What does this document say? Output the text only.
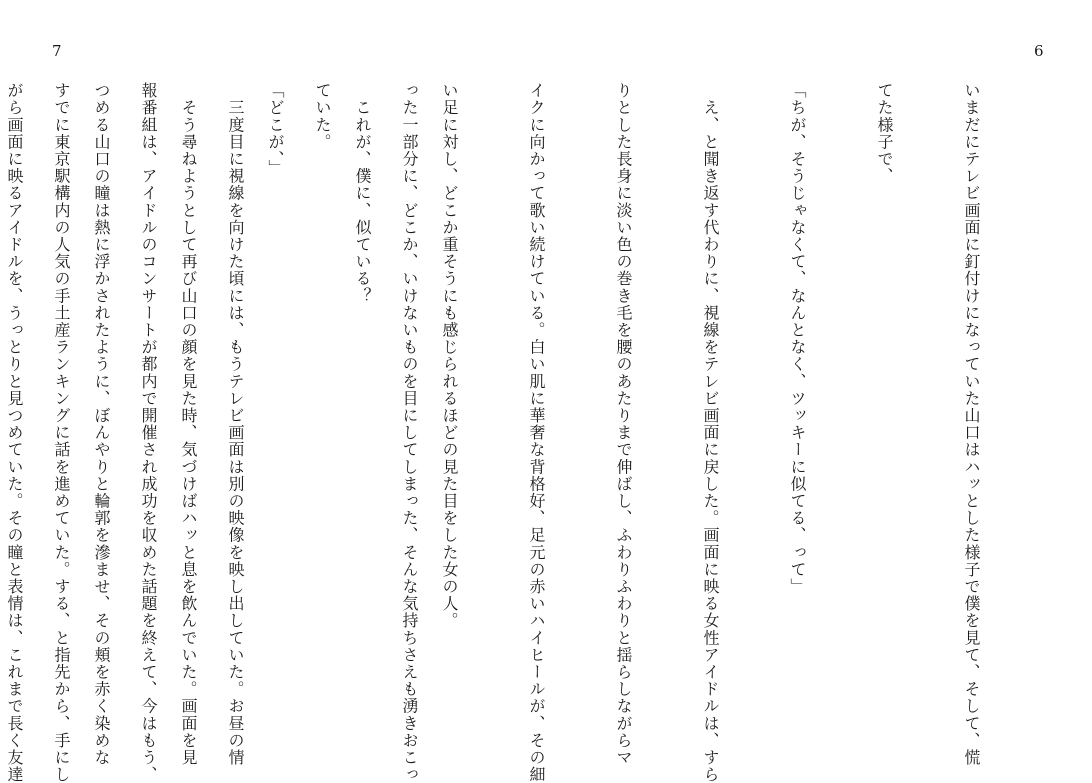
7

った一部分に、どこか、いけないものを目にしてしまった、そんな気持ちさえも湧きおこっ

ていた。

　三度目に視線を向けた頃には、もうテレビ画面は別の映像を映し出していた。お昼の情

報番組は、アイドルのコンサートが都内で開催され成功を収めた話題を終えて、今はもう、

すでに東京駅構内の人気の手土産ランキングに話を進めていた。する、と指先から、手にし

6

いまだにテレビ画面に釘付けになっていた山口はハッとした様子で僕を見て、そして、慌

てた様子で、

「ちが、そうじゃなくて、なんとなく、ツッキーに似てる、って」

　え、と聞き返す代わりに、視線をテレビ画面に戻した。画面に映る女性アイドルは、すら

りとした長身に淡い色の巻き毛を腰のあたりまで伸ばし、ふわりふわりと揺らしながらマ

イクに向かって歌い続けている。白い肌に華奢な背格好、足元の赤いハイヒールが、その細

い足に対し、どこか重そうにも感じられるほどの見た目をした女の人。

　これが、僕に、似ている？

「どこが、」

　そう尋ねようとして再び山口の顔を見た時、気づけばハッと息を飲んでいた。画面を見

つめる山口の瞳は熱に浮かされたように、ぼんやりと輪郭を滲ませ、その頬を赤く染めな

がら画面に映るアイドルを、うっとりと見つめていた。その瞳と表情は、これまで長く友達
